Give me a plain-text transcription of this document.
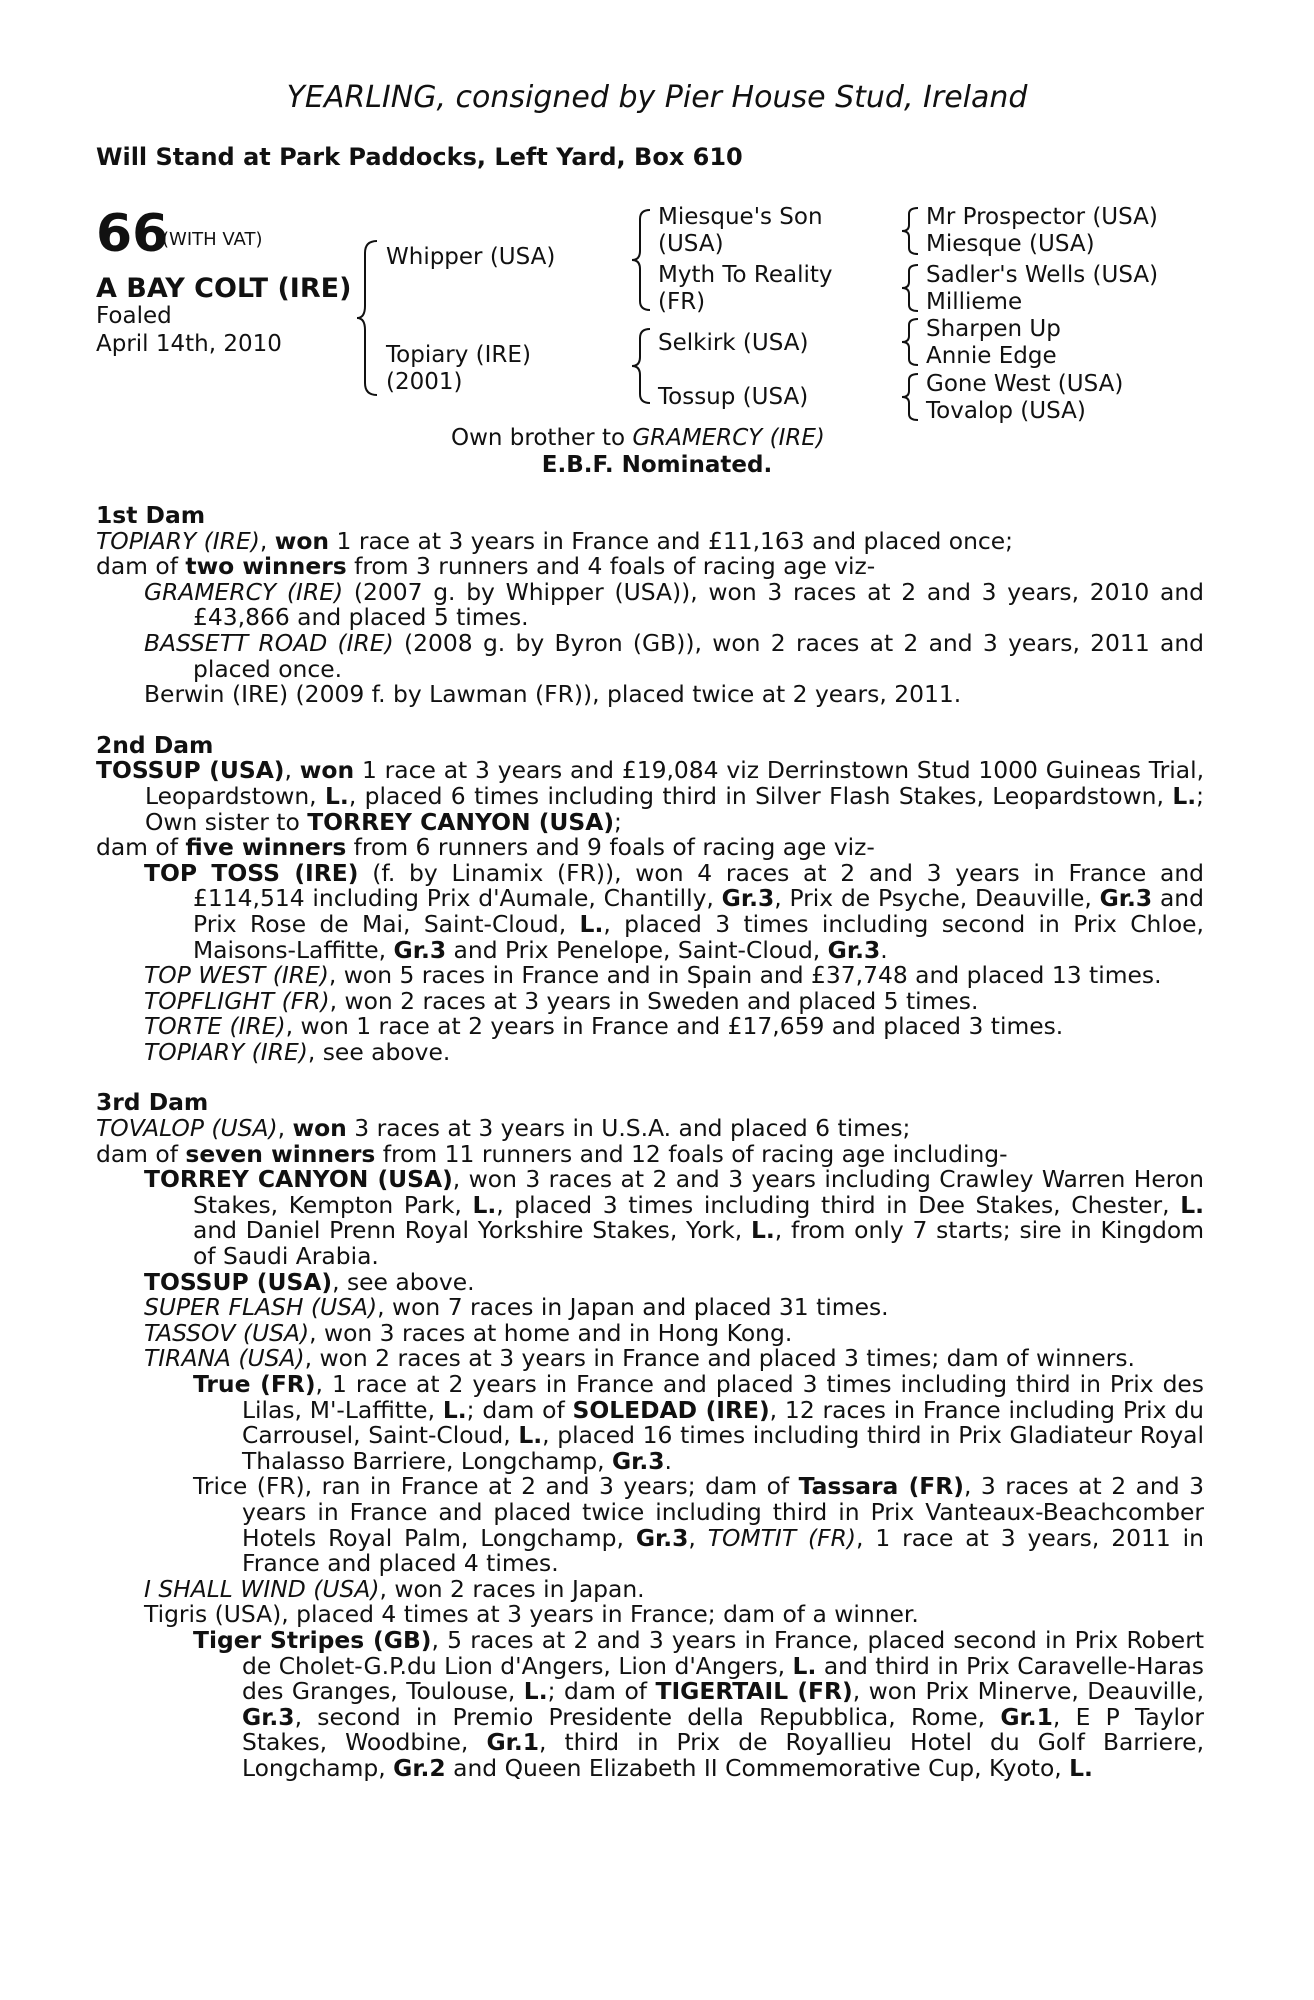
YEARLING, consigned by Pier House Stud, Ireland
Will Stand at Park Paddocks, Left Yard, Box 610
66
(WITH VAT)
A BAY COLT (IRE)
Foaled
April 14th, 2010
Whipper (USA)
Topiary (IRE)
(2001)
Miesque's Son
(USA)
Myth To Reality
(FR)
Selkirk (USA)
Tossup (USA)
Mr Prospector (USA)
Miesque (USA)
Sadler's Wells (USA)
Millieme
Sharpen Up
Annie Edge
Gone West (USA)
Tovalop (USA)
Own brother to GRAMERCY (IRE)
E.B.F. Nominated.
1st Dam
TOPIARY (IRE), won 1 race at 3 years in France and £11,163 and placed once;
dam of two winners from 3 runners and 4 foals of racing age viz-
GRAMERCY (IRE) (2007 g. by Whipper (USA)), won 3 races at 2 and 3 years, 2010 and £43,866 and placed 5 times.
BASSETT ROAD (IRE) (2008 g. by Byron (GB)), won 2 races at 2 and 3 years, 2011 and placed once.
Berwin (IRE) (2009 f. by Lawman (FR)), placed twice at 2 years, 2011.
2nd Dam
TOSSUP (USA), won 1 race at 3 years and £19,084 viz Derrinstown Stud 1000 Guineas Trial, Leopardstown, L., placed 6 times including third in Silver Flash Stakes, Leopardstown, L.; Own sister to TORREY CANYON (USA);
dam of five winners from 6 runners and 9 foals of racing age viz-
TOP TOSS (IRE) (f. by Linamix (FR)), won 4 races at 2 and 3 years in France and £114,514 including Prix d'Aumale, Chantilly, Gr.3, Prix de Psyche, Deauville, Gr.3 and Prix Rose de Mai, Saint-Cloud, L., placed 3 times including second in Prix Chloe, Maisons-Laffitte, Gr.3 and Prix Penelope, Saint-Cloud, Gr.3.
TOP WEST (IRE), won 5 races in France and in Spain and £37,748 and placed 13 times.
TOPFLIGHT (FR), won 2 races at 3 years in Sweden and placed 5 times.
TORTE (IRE), won 1 race at 2 years in France and £17,659 and placed 3 times.
TOPIARY (IRE), see above.
3rd Dam
TOVALOP (USA), won 3 races at 3 years in U.S.A. and placed 6 times;
dam of seven winners from 11 runners and 12 foals of racing age including-
TORREY CANYON (USA), won 3 races at 2 and 3 years including Crawley Warren Heron Stakes, Kempton Park, L., placed 3 times including third in Dee Stakes, Chester, L. and Daniel Prenn Royal Yorkshire Stakes, York, L., from only 7 starts; sire in Kingdom of Saudi Arabia.
TOSSUP (USA), see above.
SUPER FLASH (USA), won 7 races in Japan and placed 31 times.
TASSOV (USA), won 3 races at home and in Hong Kong.
TIRANA (USA), won 2 races at 3 years in France and placed 3 times; dam of winners.
True (FR), 1 race at 2 years in France and placed 3 times including third in Prix des Lilas, M'-Laffitte, L.; dam of SOLEDAD (IRE), 12 races in France including Prix du Carrousel, Saint-Cloud, L., placed 16 times including third in Prix Gladiateur Royal Thalasso Barriere, Longchamp, Gr.3.
Trice (FR), ran in France at 2 and 3 years; dam of Tassara (FR), 3 races at 2 and 3 years in France and placed twice including third in Prix Vanteaux-Beachcomber Hotels Royal Palm, Longchamp, Gr.3, TOMTIT (FR), 1 race at 3 years, 2011 in France and placed 4 times.
I SHALL WIND (USA), won 2 races in Japan.
Tigris (USA), placed 4 times at 3 years in France; dam of a winner.
Tiger Stripes (GB), 5 races at 2 and 3 years in France, placed second in Prix Robert de Cholet-G.P.du Lion d'Angers, Lion d'Angers, L. and third in Prix Caravelle-Haras des Granges, Toulouse, L.; dam of TIGERTAIL (FR), won Prix Minerve, Deauville, Gr.3, second in Premio Presidente della Repubblica, Rome, Gr.1, E P Taylor Stakes, Woodbine, Gr.1, third in Prix de Royallieu Hotel du Golf Barriere, Longchamp, Gr.2 and Queen Elizabeth II Commemorative Cup, Kyoto, L.
